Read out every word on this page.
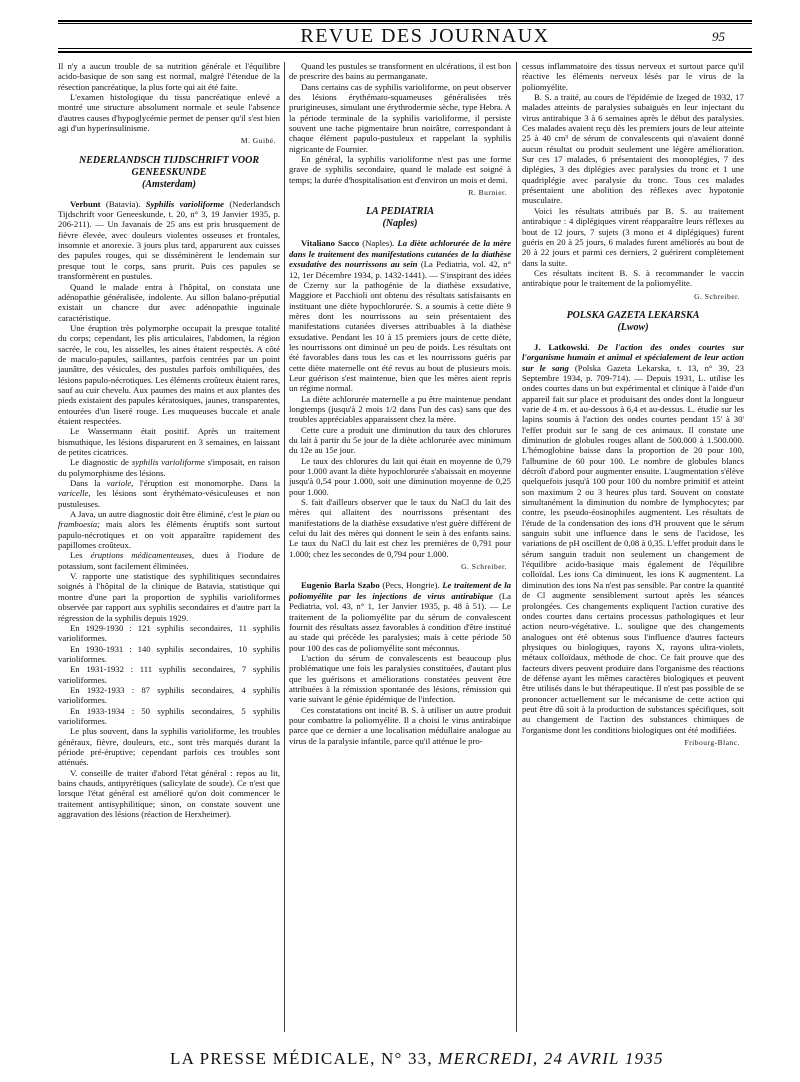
REVUE DES JOURNAUX	95

Il n'y a aucun trouble de sa nutrition générale et l'équilibre acido-basique de son sang est normal, malgré l'étendue de la résection pancréatique, la plus forte qui ait été faite.

L'examen histologique du tissu pancréatique enlevé a montré une structure absolument normale et seule l'absence d'autres causes d'hypoglycémie permet de penser qu'il s'est bien agi d'un hyperinsulinisme.

M. Guibé.
NEDERLANDSCH TIJDSCHRIFT VOOR GENEESKUNDE
(Amsterdam)

Verbunt (Batavia). Syphilis varioliforme (Nederlandsch Tijdschrift voor Geneeskunde, t. 20, n° 3, 19 Janvier 1935, p. 206-211). — Un Javanais de 25 ans est pris brusquement de fièvre élevée, avec douleurs violentes osseuses et frontales, insomnie et anorexie. 3 jours plus tard, apparurent aux cuisses des papules rouges, qui se disséminèrent le lendemain sur presque tout le corps, sans prurit. Puis ces papules se transformèrent en pustules.

Quand le malade entra à l'hôpital, on constata une adénopathie généralisée, indolente. Au sillon balano-préputial existait un chancre dur avec adénopathie inguinale caractéristique.

Une éruption très polymorphe occupait la presque totalité du corps; cependant, les plis articulaires, l'abdomen, la région sacrée, le cou, les aisselles, les aines étaient respectés. A côté de maculo-papules, saillantes, parfois centrées par un point jaunâtre, des vésicules, des pustules parfois ombiliquées, des lésions papulo-nécrotiques. Les éléments croûteux étaient rares, sauf au cuir chevelu. Aux paumes des mains et aux plantes des pieds existaient des papules kératosiques, jaunes, transparentes, entourées d'un liseré rouge. Les muqueuses buccale et anale étaient respectées.

Le Wassermann était positif. Après un traitement bismuthique, les lésions disparurent en 3 semaines, en laissant de petites cicatrices.

Le diagnostic de syphilis varioliforme s'imposait, en raison du polymorphisme des lésions.

Dans la variole, l'éruption est monomorphe. Dans la varicelle, les lésions sont érythémato-vésiculeuses et non pustuleuses.

A Java, un autre diagnostic doit être éliminé, c'est le pian ou framboesia; mais alors les éléments éruptifs sont surtout papulo-nécrotiques et on voit apparaître rapidement des papillomes croûteux.

Les éruptions médicamenteuses, dues à l'iodure de potassium, sont facilement éliminées.

V. rapporte une statistique des syphilitiques secondaires soignés à l'hôpital de la clinique de Batavia, statistique qui montre d'une part la proportion de syphilis varioliformes observée par rapport aux syphilis secondaires et d'autre part la régression de la syphilis depuis 1929.

En 1929-1930 : 121 syphilis secondaires, 11 syphilis varioliformes.

En 1930-1931 : 140 syphilis secondaires, 10 syphilis varioliformes.

En 1931-1932 : 111 syphilis secondaires, 7 syphilis varioliformes.

En 1932-1933 : 87 syphilis secondaires, 4 syphilis varioliformes.

En 1933-1934 : 50 syphilis secondaires, 5 syphilis varioliformes.

Le plus souvent, dans la syphilis varioliforme, les troubles généraux, fièvre, douleurs, etc., sont très marqués durant la période pré-éruptive; cependant parfois ces troubles sont atténués.

V. conseille de traiter d'abord l'état général : repos au lit, bains chauds, antipyrétiques (salicylate de soude). Ce n'est que lorsque l'état général est amélioré qu'on doit commencer le traitement antisyphilitique; sinon, on constate souvent une aggravation des lésions (réaction de Herxheimer).

Quand les pustules se transforment en ulcérations, il est bon de prescrire des bains au permanganate.

Dans certains cas de syphilis varioliforme, on peut observer des lésions érythémato-squameuses généralisées très prurigineuses, simulant une érythrodermie sèche, type Hebra. A la période terminale de la syphilis varioliforme, il persiste souvent une tache pigmentaire brun noirâtre, correspondant à chaque élément papulo-pustuleux et rappelant la syphilis nigricante de Fournier.

En général, la syphilis varioliforme n'est pas une forme grave de syphilis secondaire, quand le malade est soigné à temps; la durée d'hospitalisation est d'environ un mois et demi.

R. Burnier.
LA PEDIATRIA
(Naples)

Vitaliano Sacco (Naples). La diète achlorurée de la mère dans le traitement des manifestations cutanées de la diathèse exsudative des nourrissons au sein (La Pediatria, vol. 42, n° 12, 1er Décembre 1934, p. 1432-1441). — S'inspirant des idées de Czerny sur la pathogénie de la diathèse exsudative, Maggiore et Pacchioli ont obtenu des résultats satisfaisants en instituant une diète hypochlorurée. S. a soumis à cette diète 9 mères dont les nourrissons au sein présentaient des manifestations cutanées diverses attribuables à la diathèse exsudative. Pendant les 10 à 15 premiers jours de cette diète, les nourrissons ont diminué un peu de poids. Les résultats ont été favorables dans tous les cas et les nourrissons guéris par cette diète maternelle ont été revus au bout de plusieurs mois. Leur guérison s'est maintenue, bien que les mères aient repris un régime normal.

La diète achlorurée maternelle a pu être maintenue pendant longtemps (jusqu'à 2 mois 1/2 dans l'un des cas) sans que des troubles appréciables apparaissent chez la mère.

Cette cure a produit une diminution du taux des chlorures du lait à partir du 5e jour de la diète achlorurée avec minimum du 12e au 15e jour.

Le taux des chlorures du lait qui était en moyenne de 0,79 pour 1.000 avant la diète hypochlorurée s'abaissait en moyenne jusqu'à 0,54 pour 1.000, soit une diminution moyenne de 0,25 pour 1.000.

S. fait d'ailleurs observer que le taux du NaCl du lait des mères qui allaitent des nourrissons présentant des manifestations de la diathèse exsudative n'est guère différent de celui du lait des mères qui donnent le sein à des enfants sains. Le taux du NaCl du lait est chez les premières de 0,791 pour 1.000; chez les secondes de 0,794 pour 1.000.

G. Schreiber.

Eugenio Barla Szabo (Pecs, Hongrie). Le traitement de la poliomyélite par les injections de virus antirabique (La Pediatria, vol. 43, n° 1, 1er Janvier 1935, p. 48 à 51). — Le traitement de la poliomyélite par du sérum de convalescent fournit des résultats assez favorables à condition d'être institué au stade qui précède les paralysies; mais à cette période 50 pour 100 des cas de poliomyélite sont méconnus.

L'action du sérum de convalescents est beaucoup plus problématique une fois les paralysies constituées, d'autant plus que les guérisons et améliorations constatées peuvent être attribuées à la rémission spontanée des lésions, rémission qui varie suivant le génie épidémique de l'infection.

Ces constatations ont incité B. S. à utiliser un autre produit pour combattre la poliomyélite. Il a choisi le virus antirabique parce que ce dernier a une localisation médullaire analogue au virus de la paralysie infantile, parce qu'il atténue le pro-

cessus inflammatoire des tissus nerveux et surtout parce qu'il réactive les éléments nerveux lésés par le virus de la poliomyélite.

B. S. a traité, au cours de l'épidémie de Izeged de 1932, 17 malades atteints de paralysies subaiguës en leur injectant du virus antirabique 3 à 6 semaines après le début des paralysies. Ces malades avaient reçu dès les premiers jours de leur atteinte 25 à 40 cm³ de sérum de convalescents qui n'avaient donné aucun résultat ou produit seulement une légère amélioration. Sur ces 17 malades, 6 présentaient des monoplégies, 7 des diplégies, 3 des diplégies avec paralysies du tronc et 1 une quadriplégie avec paralysie du tronc. Tous ces malades présentaient une abolition des réflexes avec hypotonie musculaire.

Voici les résultats attribués par B. S. au traitement antirabique : 4 diplégiques virent réapparaître leurs réflexes au bout de 12 jours, 7 sujets (3 mono et 4 diplégiques) furent guéris en 20 à 25 jours, 6 malades furent améliorés au bout de 20 à 22 jours et parmi ces derniers, 2 guérirent complètement dans la suite.

Ces résultats incitent B. S. à recommander le vaccin antirabique pour le traitement de la poliomyélite.

G. Schreiber.
POLSKA GAZETA LEKARSKA
(Lwow)

J. Latkowski. De l'action des ondes courtes sur l'organisme humain et animal et spécialement de leur action sur le sang (Polska Gazeta Lekarska, t. 13, n° 39, 23 Septembre 1934, p. 709-714). — Depuis 1931, L. utilise les ondes courtes dans un but expérimental et clinique à l'aide d'un appareil fait sur place et produisant des ondes dont la longueur varie de 4 m. et au-dessous à 6,4 et au-dessus. L. étudie sur les lapins soumis à l'action des ondes courtes pendant 15' à 30' l'effet produit sur le sang de ces animaux. Il constate une diminution de globules rouges allant de 500.000 à 1.500.000. L'hémoglobine baisse dans la proportion de 20 pour 100, l'albumine de 60 pour 100. Le nombre de globules blancs décroît d'abord pour augmenter ensuite. L'augmentation s'élève quelquefois jusqu'à 100 pour 100 du nombre primitif et atteint son maximum 2 ou 3 heures plus tard. Souvent on constate simultanément la diminution du nombre de lymphocytes; par contre, les pseudo-éosinophiles augmentent. Les résultats de l'étude de la condensation des ions d'H prouvent que le sérum sanguin subit une influence dans le sens de l'acidose, les variations de pH oscillent de 0,08 à 0,35. L'effet produit dans le sérum sanguin traduit non seulement un changement de l'équilibre acido-basique mais également de l'équilibre colloïdal. Les ions Ca diminuent, les ions K augmentent. La diminution des ions Na n'est pas sensible. Par contre la quantité de Cl augmente sensiblement surtout après les séances prolongées. Ces changements expliquent l'action curative des ondes courtes dans certains processus pathologiques et leur action neuro-végétative. L. souligne que des changements analogues ont été obtenus sous l'influence d'autres facteurs physiques ou biologiques, rayons X, rayons ultra-violets, métaux colloïdaux, méthode de choc. Ce fait prouve que des facteurs divers peuvent produire dans l'organisme des réactions de défense ayant les mêmes caractères biologiques et peuvent être utilisés dans le but thérapeutique. Il n'est pas possible de se prononcer actuellement sur le mécanisme de cette action qui peut être dû soit à la production de substances spécifiques, soit au changement de l'action des substances chimiques de l'organisme dont les conditions biologiques ont été modifiées.

Fribourg-Blanc.
LA PRESSE MÉDICALE, N° 33, MERCREDI, 24 AVRIL 1935
